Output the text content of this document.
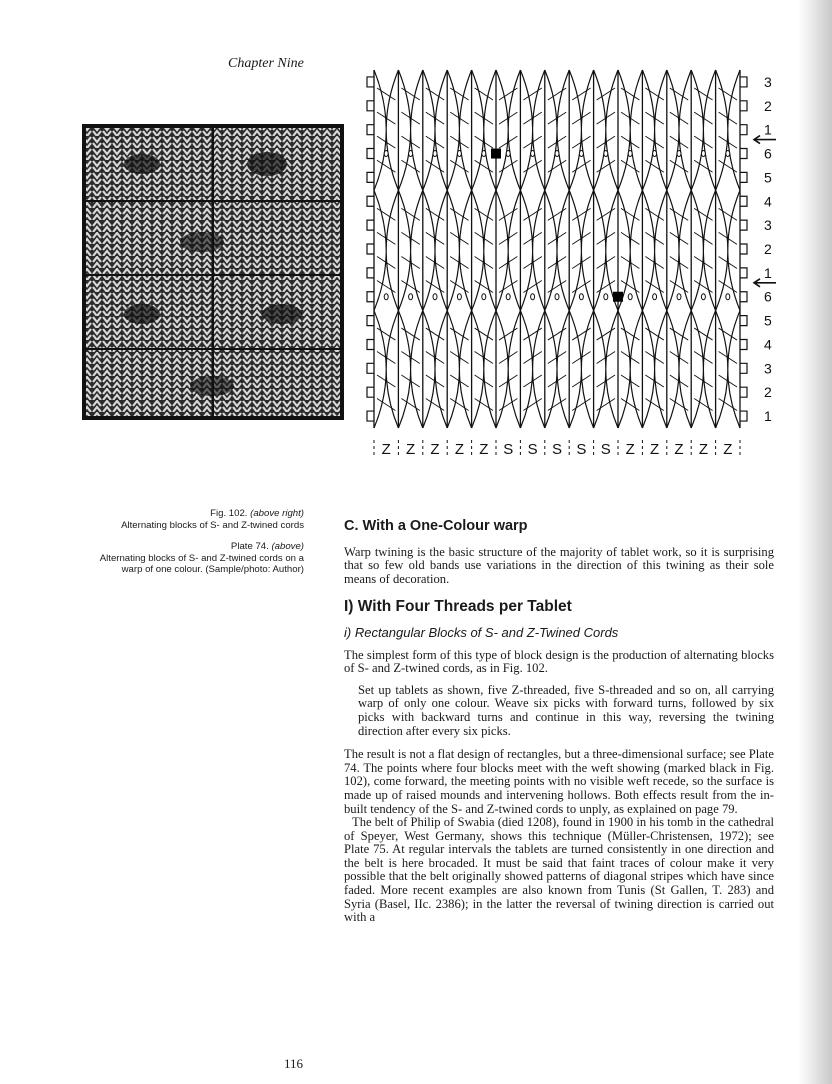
Chapter Nine
3
2
1
6
5
4
3
2
1
6
5
4
3
2
1
Z Z Z Z Z S S S S S Z Z Z Z Z

Fig. 102. (above right)
Alternating blocks of S- and Z-twined cords

Plate 74. (above)
Alternating blocks of S- and Z-twined cords on a warp of one colour. (Sample/photo: Author)

C. With a One-Colour warp

Warp twining is the basic structure of the majority of tablet work, so it is surprising that so few old bands use variations in the direction of this twining as their sole means of decoration.

I) With Four Threads per Tablet
i) Rectangular Blocks of S- and Z-Twined Cords

The simplest form of this type of block design is the production of alternating blocks of S- and Z-twined cords, as in Fig. 102.

Set up tablets as shown, five Z-threaded, five S-threaded and so on, all carrying warp of only one colour. Weave six picks with forward turns, followed by six picks with backward turns and continue in this way, reversing the twining direction after every six picks.

The result is not a flat design of rectangles, but a three-dimensional surface; see Plate 74. The points where four blocks meet with the weft showing (marked black in Fig. 102), come forward, the meeting points with no visible weft recede, so the surface is made up of raised mounds and intervening hollows. Both effects result from the in-built tendency of the S- and Z-twined cords to unply, as explained on page 79.

The belt of Philip of Swabia (died 1208), found in 1900 in his tomb in the cathedral of Speyer, West Germany, shows this technique (Müller-Christensen, 1972); see Plate 75. At regular intervals the tablets are turned consistently in one direction and the belt is here brocaded. It must be said that faint traces of colour make it very possible that the belt originally showed patterns of diagonal stripes which have since faded. More recent examples are also known from Tunis (St Gallen, T. 283) and Syria (Basel, IIc. 2386); in the latter the reversal of twining direction is carried out with a

116
